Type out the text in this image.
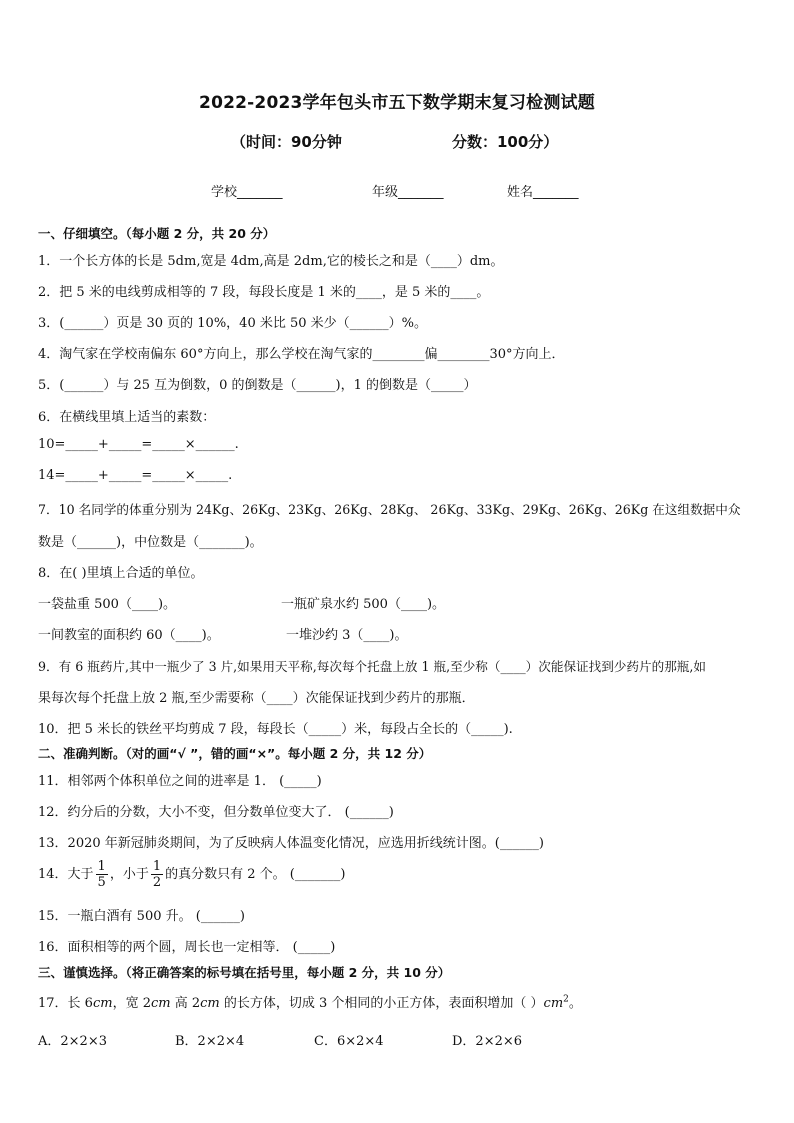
2022-2023学年包头市五下数学期末复习检测试题
（时间：90分钟	分数：100分）
学校_______	年级_______	姓名_______
一、仔细填空。（每小题 2 分，共 20 分）
1．一个长方体的长是 5dm,宽是 4dm,高是 2dm,它的棱长之和是（____）dm。
2．把 5 米的电线剪成相等的 7 段，每段长度是 1 米的____，是 5 米的____。
3．(______）页是 30 页的 10%，40 米比 50 米少（______）%。
4．淘气家在学校南偏东 60°方向上，那么学校在淘气家的________偏________30°方向上．
5．(______）与 25 互为倒数，0 的倒数是（______)，1 的倒数是（_____）
6．在横线里填上适当的素数：
10=_____+_____=_____×______.
14=_____+_____=_____×_____.
7．10 名同学的体重分别为 24Kg、26Kg、23Kg、26Kg、28Kg、 26Kg、33Kg、29Kg、26Kg、26Kg 在这组数据中众
数是（______)，中位数是（_______)。
8．在( )里填上合适的单位。
一袋盐重 500（____)。	一瓶矿泉水约 500（____)。
一间教室的面积约 60（____)。	一堆沙约 3（____)。
9．有 6 瓶药片,其中一瓶少了 3 片,如果用天平称,每次每个托盘上放 1 瓶,至少称（____）次能保证找到少药片的那瓶,如
果每次每个托盘上放 2 瓶,至少需要称（____）次能保证找到少药片的那瓶．
10．把 5 米长的铁丝平均剪成 7 段，每段长（_____）米，每段占全长的（_____).
二、准确判断。（对的画“√ ”，错的画“×”。每小题 2 分，共 12 分）
11．相邻两个体积单位之间的进率是 1． (_____)
12．约分后的分数，大小不变，但分数单位变大了． (______)
13．2020 年新冠肺炎期间，为了反映病人体温变化情况，应选用折线统计图。(______)
14．大于 $\frac{1}{5}$ ，小于 $\frac{1}{2}$ 的真分数只有 2 个。 (_______)
15．一瓶白酒有 500 升。 (______)
16．面积相等的两个圆，周长也一定相等． (_____)
三、谨慎选择。（将正确答案的标号填在括号里，每小题 2 分，共 10 分）
17．长 6cm，宽 2cm 高 2cm 的长方体，切成 3 个相同的小正方体，表面积增加（ ）$cm^2$。
A．2×2×3	B．2×2×4	C．6×2×4	D．2×2×6
